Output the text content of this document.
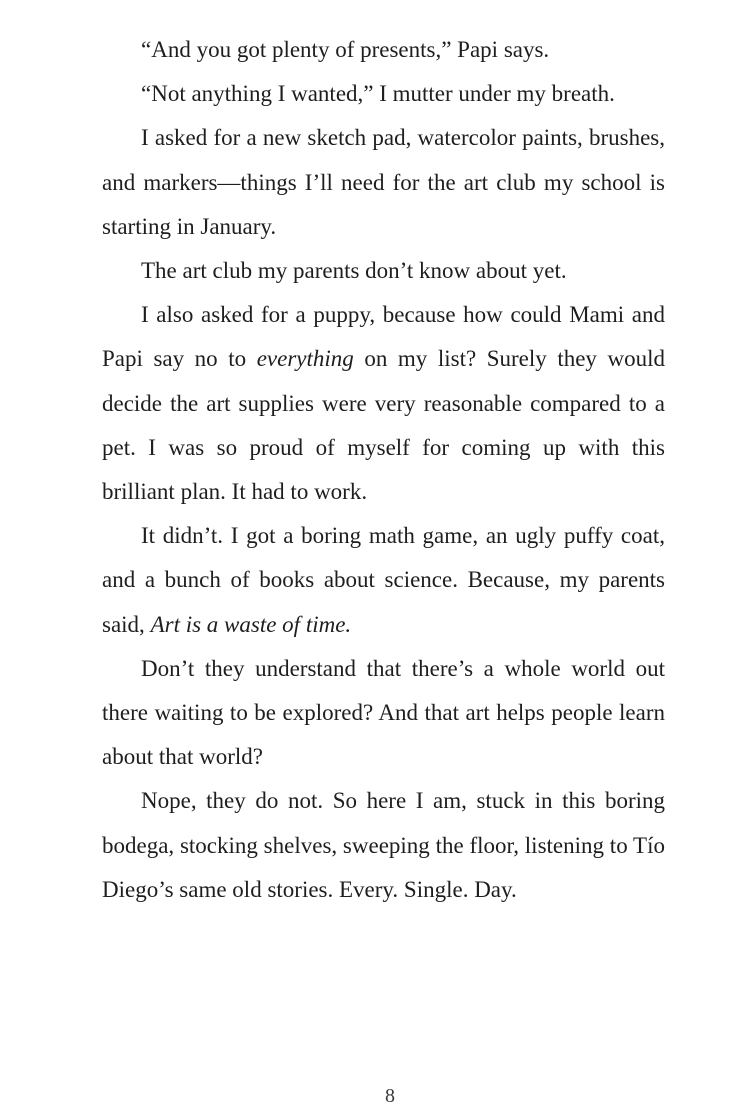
“And you got plenty of presents,” Papi says.

“Not anything I wanted,” I mutter under my breath.

I asked for a new sketch pad, watercolor paints, brushes, and markers—things I’ll need for the art club my school is starting in January.

The art club my parents don’t know about yet.

I also asked for a puppy, because how could Mami and Papi say no to everything on my list? Surely they would decide the art supplies were very reasonable compared to a pet. I was so proud of myself for coming up with this brilliant plan. It had to work.

It didn’t. I got a boring math game, an ugly puffy coat, and a bunch of books about science. Because, my parents said, Art is a waste of time.

Don’t they understand that there’s a whole world out there waiting to be explored? And that art helps people learn about that world?

Nope, they do not. So here I am, stuck in this boring bodega, stocking shelves, sweeping the floor, listening to Tío Diego’s same old stories. Every. Single. Day.

8
